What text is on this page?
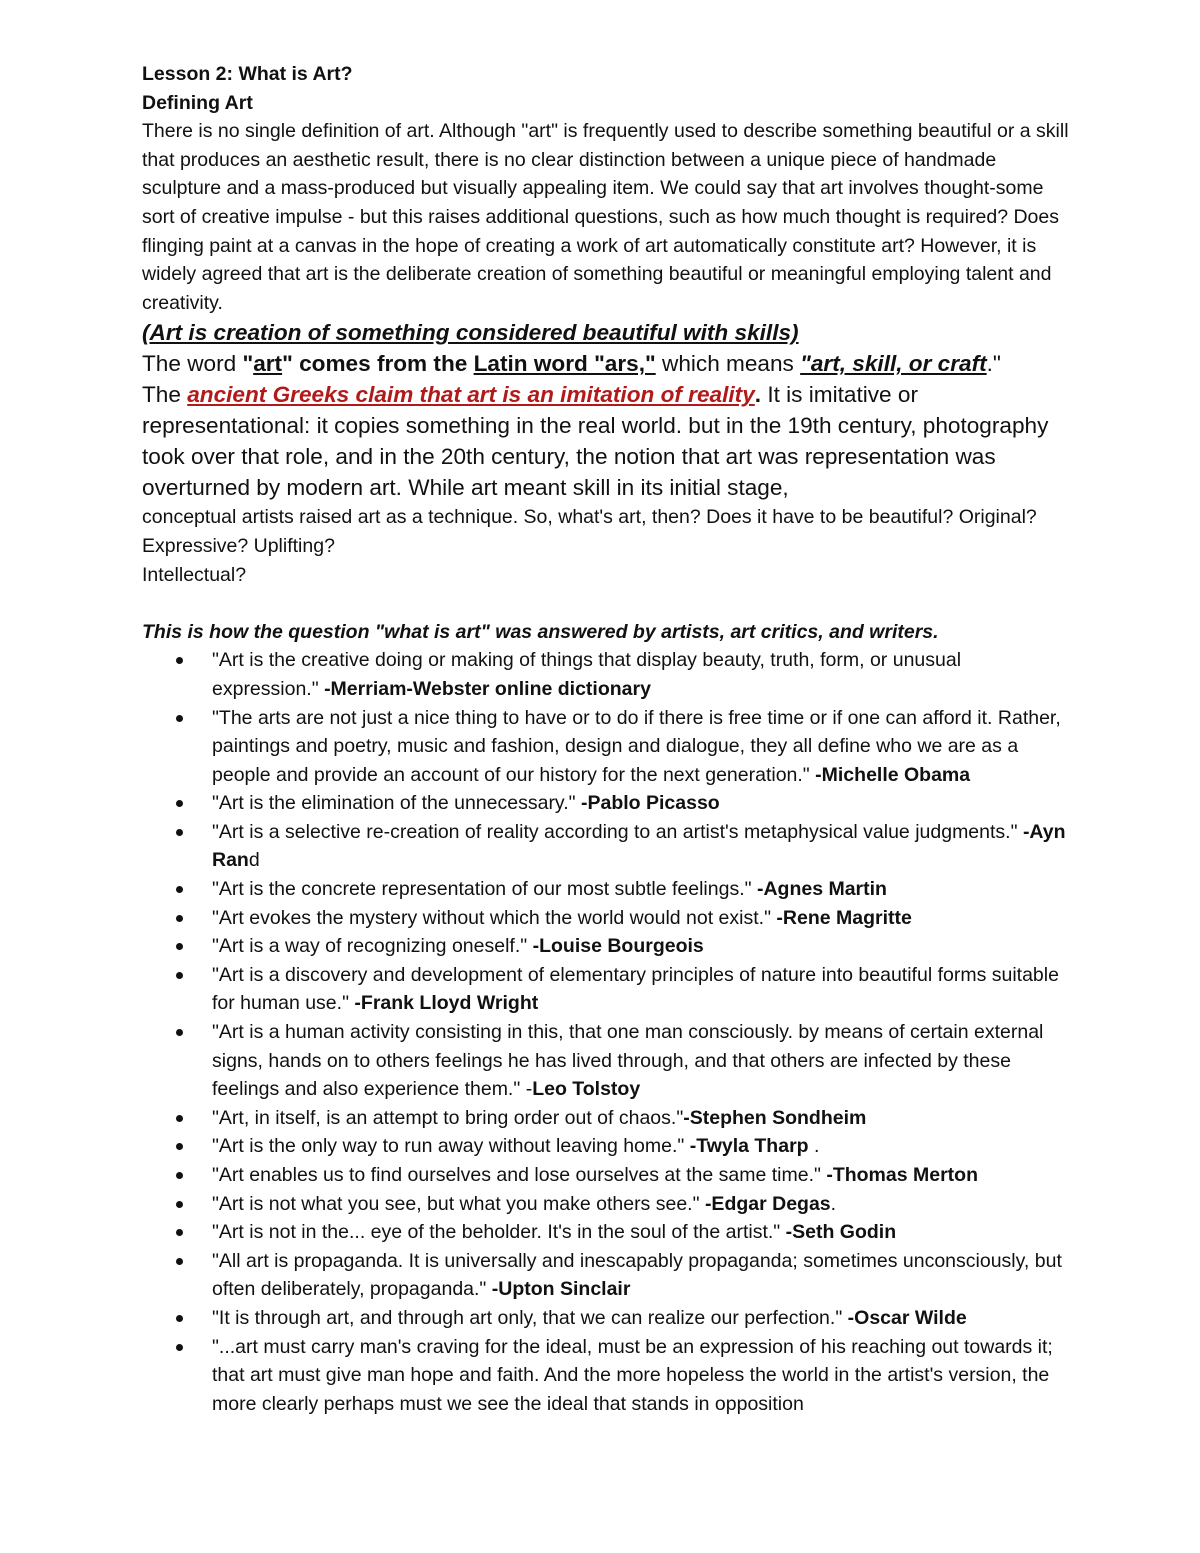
Lesson 2: What is Art?

Defining Art

There is no single definition of art. Although "art" is frequently used to describe something beautiful or a skill that produces an aesthetic result, there is no clear distinction between a unique piece of handmade sculpture and a mass-produced but visually appealing item. We could say that art involves thought-some sort of creative impulse - but this raises additional questions, such as how much thought is required? Does flinging paint at a canvas in the hope of creating a work of art automatically constitute art? However, it is widely agreed that art is the deliberate creation of something beautiful or meaningful employing talent and creativity.

(Art is creation of something considered beautiful with skills)

The word "art" comes from the Latin word "ars," which means "art, skill, or craft."

The ancient Greeks claim that art is an imitation of reality. It is imitative or representational: it copies something in the real world. but in the 19th century, photography took over that role, and in the 20th century, the notion that art was representation was overturned by modern art. While art meant skill in its initial stage,

conceptual artists raised art as a technique. So, what's art, then? Does it have to be beautiful? Original? Expressive? Uplifting?

Intellectual?

This is how the question "what is art" was answered by artists, art critics, and writers.

"Art is the creative doing or making of things that display beauty, truth, form, or unusual expression." -Merriam-Webster online dictionary
"The arts are not just a nice thing to have or to do if there is free time or if one can afford it. Rather, paintings and poetry, music and fashion, design and dialogue, they all define who we are as a people and provide an account of our history for the next generation." -Michelle Obama
"Art is the elimination of the unnecessary." -Pablo Picasso
"Art is a selective re-creation of reality according to an artist's metaphysical value judgments." -Ayn Rand
"Art is the concrete representation of our most subtle feelings." -Agnes Martin
"Art evokes the mystery without which the world would not exist." -Rene Magritte
"Art is a way of recognizing oneself." -Louise Bourgeois
"Art is a discovery and development of elementary principles of nature into beautiful forms suitable for human use." -Frank Lloyd Wright
"Art is a human activity consisting in this, that one man consciously. by means of certain external signs, hands on to others feelings he has lived through, and that others are infected by these feelings and also experience them." -Leo Tolstoy
"Art, in itself, is an attempt to bring order out of chaos."-Stephen Sondheim
"Art is the only way to run away without leaving home." -Twyla Tharp .
"Art enables us to find ourselves and lose ourselves at the same time." -Thomas Merton
"Art is not what you see, but what you make others see." -Edgar Degas.
"Art is not in the... eye of the beholder. It's in the soul of the artist." -Seth Godin
"All art is propaganda. It is universally and inescapably propaganda; sometimes unconsciously, but often deliberately, propaganda." -Upton Sinclair
"It is through art, and through art only, that we can realize our perfection." -Oscar Wilde
"...art must carry man's craving for the ideal, must be an expression of his reaching out towards it; that art must give man hope and faith. And the more hopeless the world in the artist's version, the more clearly perhaps must we see the ideal that stands in opposition
